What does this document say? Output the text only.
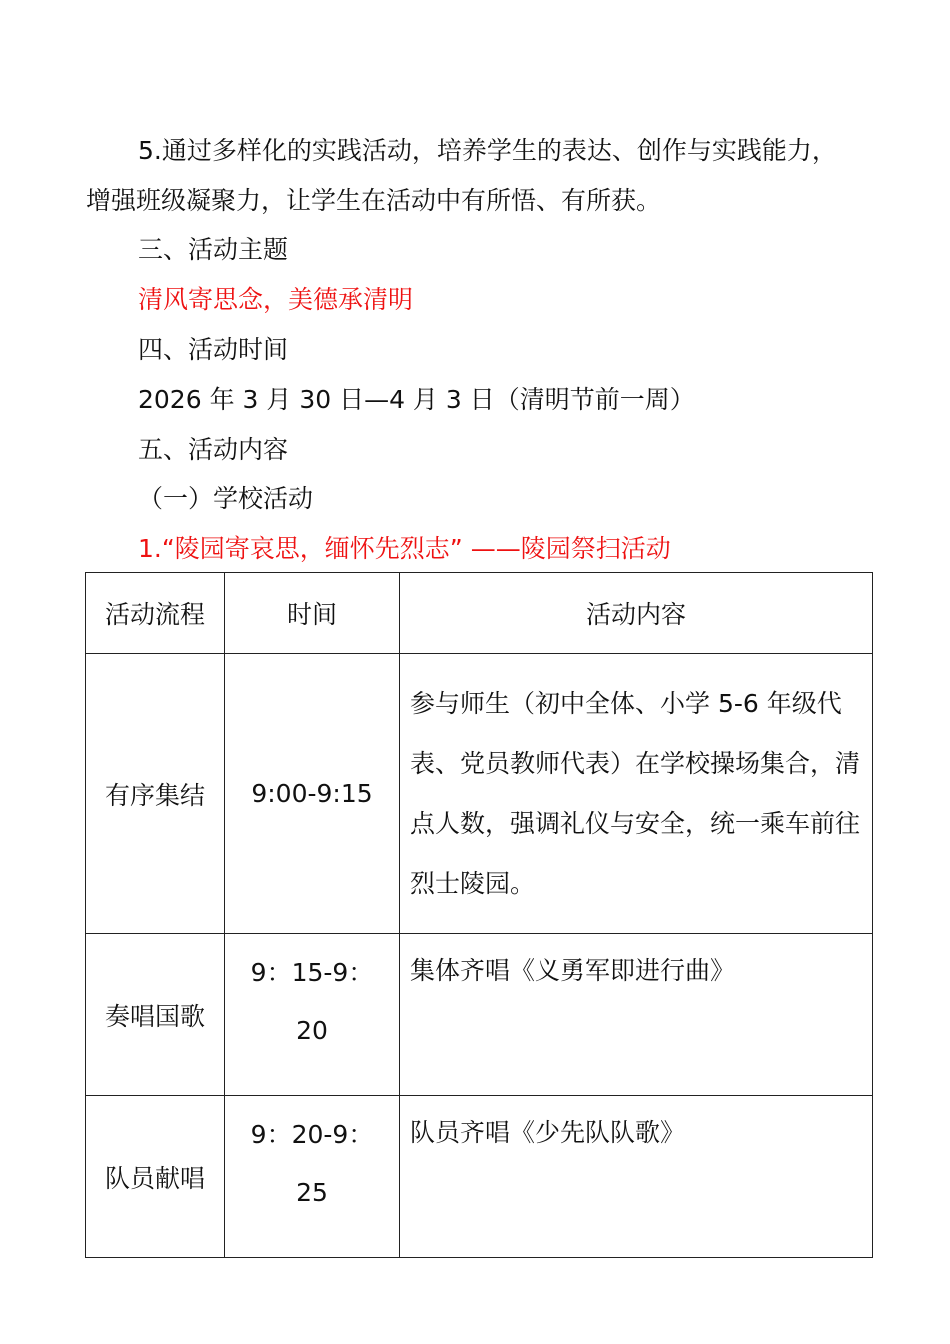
5.通过多样化的实践活动，培养学生的表达、创作与实践能力，
增强班级凝聚力，让学生在活动中有所悟、有所获。
三、活动主题
清风寄思念，美德承清明
四、活动时间
2026 年 3 月 30 日—4 月 3 日（清明节前一周）
五、活动内容
（一）学校活动
1.“陵园寄哀思，缅怀先烈志” ——陵园祭扫活动
活动流程	时间	活动内容
有序集结	9:00-9:15	参与师生（初中全体、小学 5-6 年级代表、党员教师代表）在学校操场集合，清点人数，强调礼仪与安全，统一乘车前往烈士陵园。
奏唱国歌	9：15-9：20	集体齐唱《义勇军即进行曲》
队员献唱	9：20-9：25	队员齐唱《少先队队歌》
